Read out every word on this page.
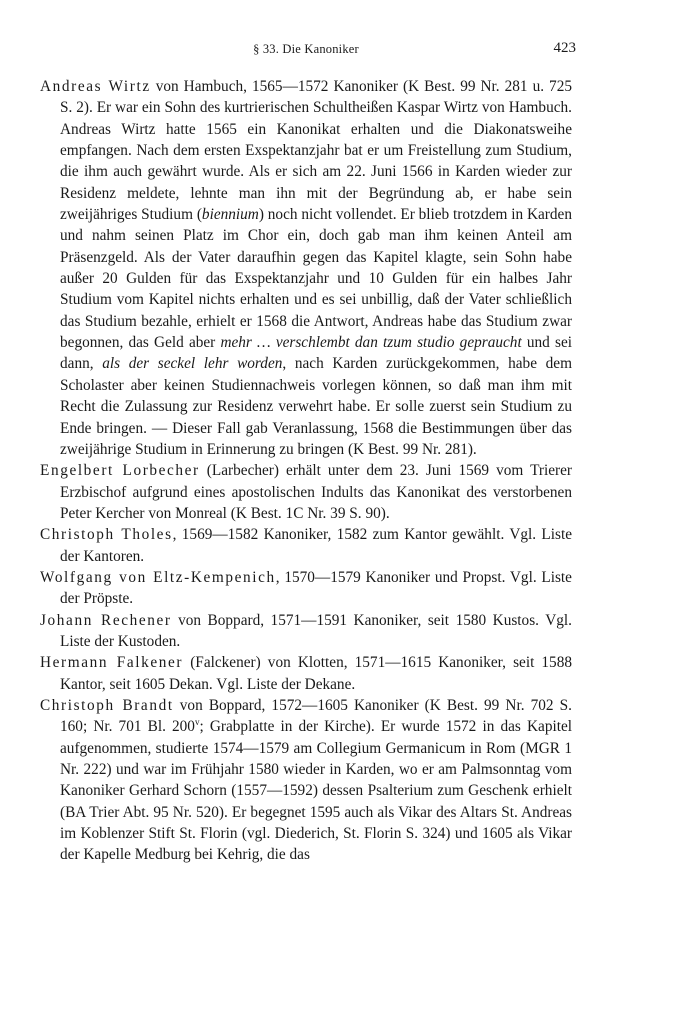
§ 33. Die Kanoniker	423

Andreas Wirtz von Hambuch, 1565—1572 Kanoniker (K Best. 99 Nr. 281 u. 725 S. 2). Er war ein Sohn des kurtrierischen Schultheißen Kaspar Wirtz von Hambuch. Andreas Wirtz hatte 1565 ein Kanonikat erhalten und die Diakonatsweihe empfangen. Nach dem ersten Exspektanzjahr bat er um Freistellung zum Studium, die ihm auch gewährt wurde. Als er sich am 22. Juni 1566 in Karden wieder zur Residenz meldete, lehnte man ihn mit der Begründung ab, er habe sein zweijähriges Studium (biennium) noch nicht vollendet. Er blieb trotzdem in Karden und nahm seinen Platz im Chor ein, doch gab man ihm keinen Anteil am Präsenzgeld. Als der Vater daraufhin gegen das Kapitel klagte, sein Sohn habe außer 20 Gulden für das Exspektanzjahr und 10 Gulden für ein halbes Jahr Studium vom Kapitel nichts erhalten und es sei unbillig, daß der Vater schließlich das Studium bezahle, erhielt er 1568 die Antwort, Andreas habe das Studium zwar begonnen, das Geld aber mehr … verschlembt dan tzum studio gepraucht und sei dann, als der seckel lehr worden, nach Karden zurückgekommen, habe dem Scholaster aber keinen Studiennachweis vorlegen können, so daß man ihm mit Recht die Zulassung zur Residenz verwehrt habe. Er solle zuerst sein Studium zu Ende bringen. — Dieser Fall gab Veranlassung, 1568 die Bestimmungen über das zweijährige Studium in Erinnerung zu bringen (K Best. 99 Nr. 281).

Engelbert Lorbecher (Larbecher) erhält unter dem 23. Juni 1569 vom Trierer Erzbischof aufgrund eines apostolischen Indults das Kanonikat des verstorbenen Peter Kercher von Monreal (K Best. 1C Nr. 39 S. 90).

Christoph Tholes, 1569—1582 Kanoniker, 1582 zum Kantor gewählt. Vgl. Liste der Kantoren.

Wolfgang von Eltz-Kempenich, 1570—1579 Kanoniker und Propst. Vgl. Liste der Pröpste.

Johann Rechener von Boppard, 1571—1591 Kanoniker, seit 1580 Kustos. Vgl. Liste der Kustoden.

Hermann Falkener (Falckener) von Klotten, 1571—1615 Kanoniker, seit 1588 Kantor, seit 1605 Dekan. Vgl. Liste der Dekane.

Christoph Brandt von Boppard, 1572—1605 Kanoniker (K Best. 99 Nr. 702 S. 160; Nr. 701 Bl. 200$^v$; Grabplatte in der Kirche). Er wurde 1572 in das Kapitel aufgenommen, studierte 1574—1579 am Collegium Germanicum in Rom (MGR 1 Nr. 222) und war im Frühjahr 1580 wieder in Karden, wo er am Palmsonntag vom Kanoniker Gerhard Schorn (1557—1592) dessen Psalterium zum Geschenk erhielt (BA Trier Abt. 95 Nr. 520). Er begegnet 1595 auch als Vikar des Altars St. Andreas im Koblenzer Stift St. Florin (vgl. Diederich, St. Florin S. 324) und 1605 als Vikar der Kapelle Medburg bei Kehrig, die das
